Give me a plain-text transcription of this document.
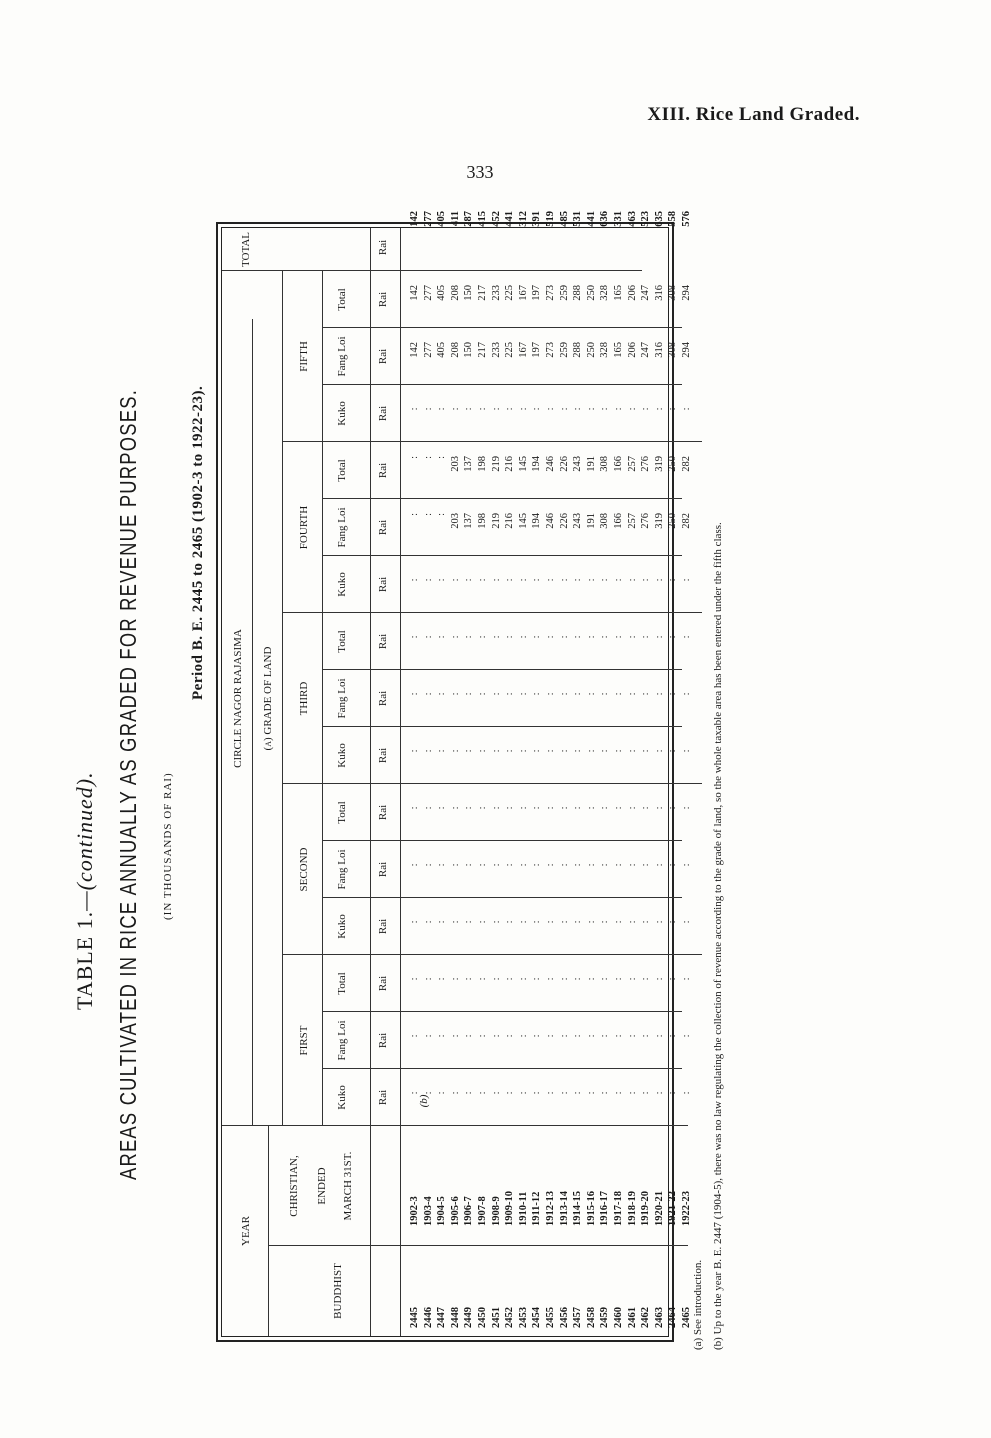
XIII. Rice Land Graded.
333
TABLE 1.—(continued). AREAS CULTIVATED IN RICE ANNUALLY AS GRADED FOR REVENUE PURPOSES. (IN THOUSANDS OF RAI)
Period B. E. 2445 to 2465 (1902-3 to 1922-23).
YEAR
BUDDHIST
CHRISTIAN, ENDED MARCH 31ST.
CIRCLE NAGOR RAJASIMA (a) GRADE OF LAND
FIRST
Kuko
Fang Loi
Total
SECOND
Kuko
Fang Loi
Total
THIRD
Kuko
Fang Loi
Total
FOURTH
Kuko
Fang Loi
Total
FIFTH
Kuko
Fang Loi
Total
TOTAL
Rai
Rai
Rai
Rai
Rai
Rai
Rai
Rai
Rai
Rai
Rai
Rai
Rai
Rai
Rai
Rai
2445 2446 2447 2448 2449 2450 2451 2452 2453 2454 2455 2456 2457 2458 2459 2460 2461 2462 2463 2464 2465
1902-3 1903-4 1904-5 1905-6 1906-7 1907-8 1908-9 1909-10 1910-11 1911-12 1912-13 1913-14 1914-15 1915-16 1916-17 1917-18 1918-19 1919-20 1920-21 1921-22 1922-23
: : : : : : : : : : : : : : : : : : : : :
: : : : : : : : : : : : : : : : : : : : :
: : : : : : : : : : : : : : : : : : : : :
: : : : : : : : : : : : : : : : : : : : :
: : : : : : : : : : : : : : : : : : : : :
: : : : : : : : : : : : : : : : : : : : :
: : : : : : : : : : : : : : : : : : : : :
: : : : : : : : : : : : : : : : : : : : :
: : : : : : : : : : : : : : : : : : : : :
(b)
: : : : : : : : : : : : : : : : : : : : :
: : : 203 137 198 219 216 145 194 246 226 243 191 308 166 257 276 319 250 282
: : : 203 137 198 219 216 145 194 246 226 243 191 308 166 257 276 319 250 282
: : : : : : : : : : : : : : : : : : : : :
142 277 405 208 150 217 233 225 167 197 273 259 288 250 328 165 206 247 316 308 294
142 277 405 208 150 217 233 225 167 197 273 259 288 250 328 165 206 247 316 308 294
142 277 405 411 287 415 452 441 312 391 519 485 531 441 636 331 463 523 635 558 576
(a) See introduction. (b) Up to the year B. E. 2447 (1904-5), there was no law regulating the collection of revenue according to the grade of land, so the whole taxable area has been entered under the fifth class.
